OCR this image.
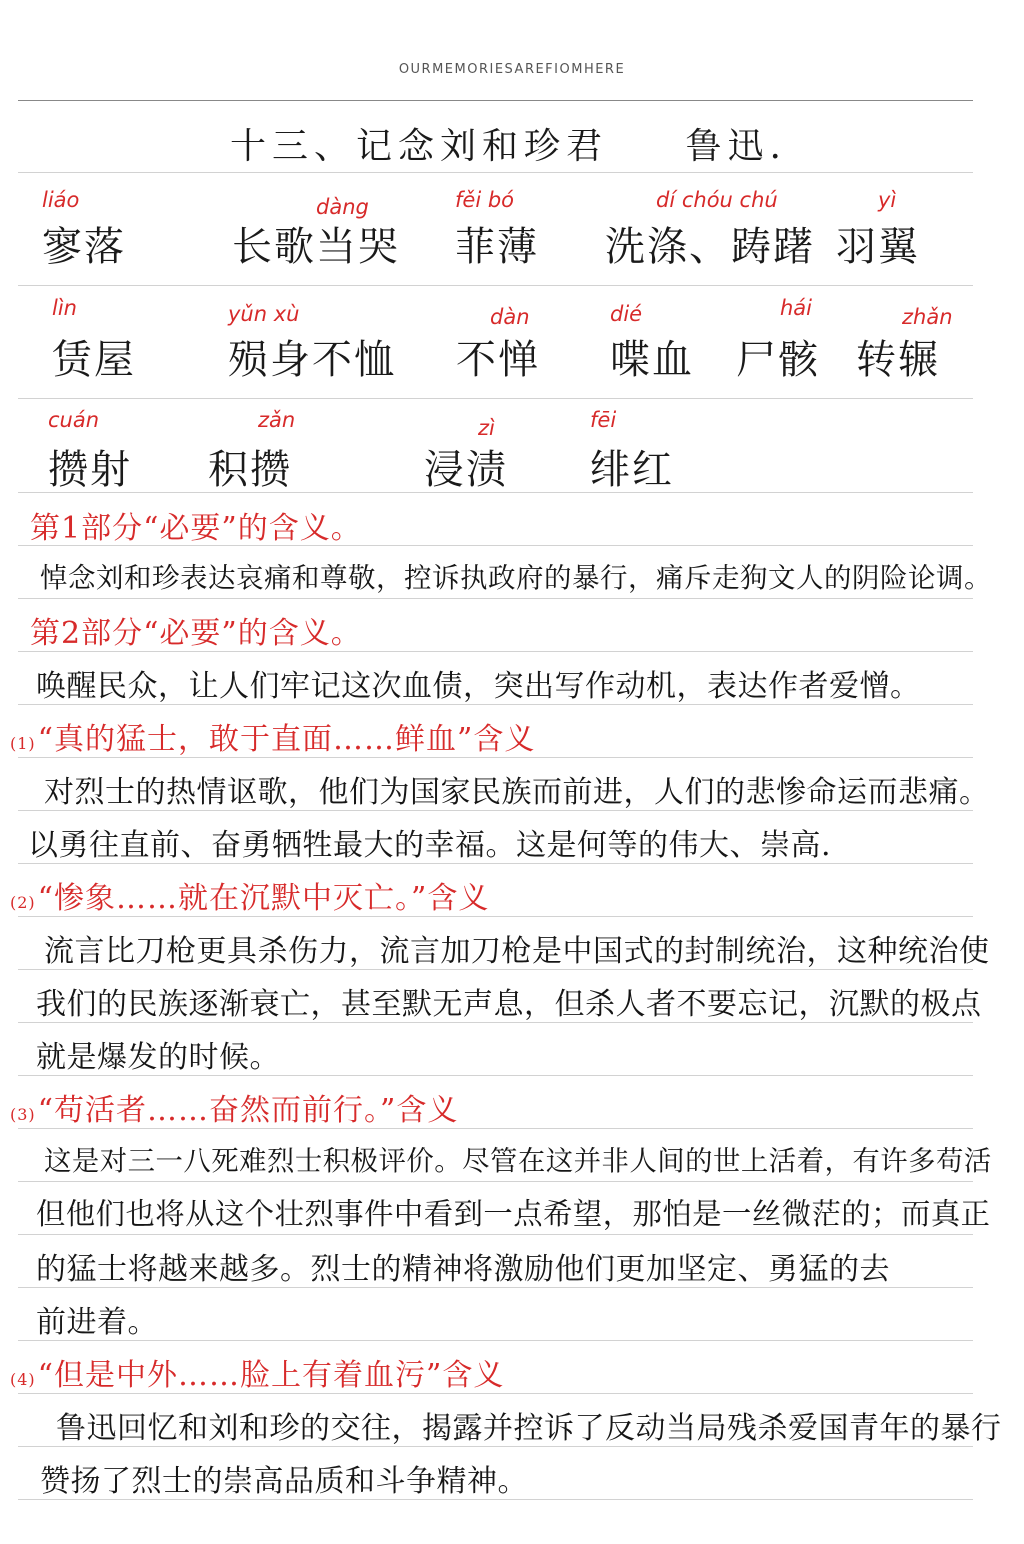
OURMEMORIESAREFIOMHERE
十三、记念刘和珍君 鲁迅.
liáo
寥落
dàng
长歌当哭
fěi bó
菲薄
dí chóu chú
洗涤、踌躇
yì
羽翼
lìn
赁屋
yǔn xù
殒身不恤
dàn
不惮
dié
喋血
hái
尸骸
zhǎn
转辗
cuán
攒射
zǎn
积攒
zì
浸渍
fēi
绯红
第1部分“必要”的含义。
悼念刘和珍表达哀痛和尊敬，控诉执政府的暴行，痛斥走狗文人的阴险论调。
第2部分“必要”的含义。
唤醒民众，让人们牢记这次血债，突出写作动机，表达作者爱憎。
(1)“真的猛士，敢于直面……鲜血”含义
对烈士的热情讴歌，他们为国家民族而前进，人们的悲惨命运而悲痛。
以勇往直前、奋勇牺牲最大的幸福。这是何等的伟大、崇高.
(2)“惨象……就在沉默中灭亡。”含义
流言比刀枪更具杀伤力，流言加刀枪是中国式的封制统治，这种统治使
我们的民族逐渐衰亡，甚至默无声息，但杀人者不要忘记，沉默的极点
就是爆发的时候。
(3)“苟活者……奋然而前行。”含义
这是对三一八死难烈士积极评价。尽管在这并非人间的世上活着，有许多苟活
但他们也将从这个壮烈事件中看到一点希望，那怕是一丝微茫的；而真正
的猛士将越来越多。烈士的精神将激励他们更加坚定、勇猛的去
前进着。
(4)“但是中外……脸上有着血污”含义
鲁迅回忆和刘和珍的交往，揭露并控诉了反动当局残杀爱国青年的暴行
赞扬了烈士的崇高品质和斗争精神。
